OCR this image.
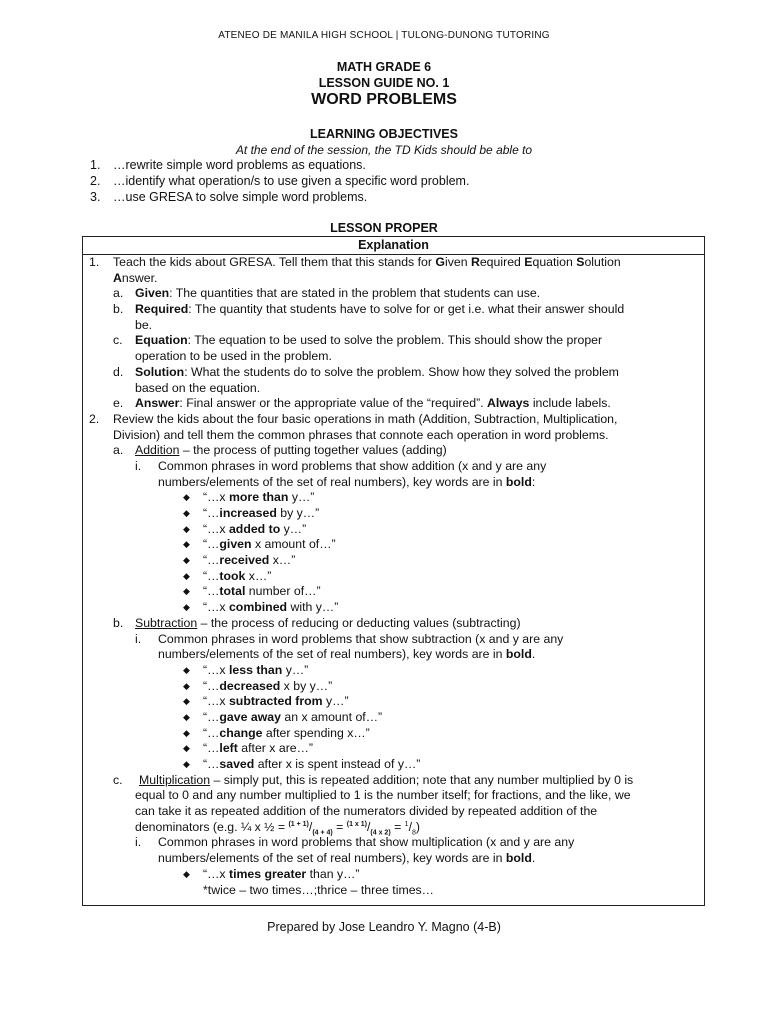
ATENEO DE MANILA HIGH SCHOOL | TULONG-DUNONG TUTORING
MATH GRADE 6
LESSON GUIDE NO. 1
WORD PROBLEMS
LEARNING OBJECTIVES
At the end of the session, the TD Kids should be able to
1. …rewrite simple word problems as equations.
2. …identify what operation/s to use given a specific word problem.
3. …use GRESA to solve simple word problems.
LESSON PROPER
Explanation
1. Teach the kids about GRESA. Tell them that this stands for Given Required Equation Solution
Answer.
a. Given: The quantities that are stated in the problem that students can use.
b. Required: The quantity that students have to solve for or get i.e. what their answer should
be.
c. Equation: The equation to be used to solve the problem. This should show the proper
operation to be used in the problem.
d. Solution: What the students do to solve the problem. Show how they solved the problem
based on the equation.
e. Answer: Final answer or the appropriate value of the “required”. Always include labels.
2. Review the kids about the four basic operations in math (Addition, Subtraction, Multiplication,
Division) and tell them the common phrases that connote each operation in word problems.
a. Addition – the process of putting together values (adding)
i. Common phrases in word problems that show addition (x and y are any
numbers/elements of the set of real numbers), key words are in bold:
◆ “…x more than y…”
◆ “…increased by y…”
◆ “…x added to y…”
◆ “…given x amount of…”
◆ “…received x…”
◆ “…took x…”
◆ “…total number of…”
◆ “…x combined with y…”
b. Subtraction – the process of reducing or deducting values (subtracting)
i. Common phrases in word problems that show subtraction (x and y are any
numbers/elements of the set of real numbers), key words are in bold.
◆ “…x less than y…”
◆ “…decreased x by y…”
◆ “…x subtracted from y…”
◆ “…gave away an x amount of…”
◆ “…change after spending x…”
◆ “…left after x are…”
◆ “…saved after x is spent instead of y…”
c. Multiplication – simply put, this is repeated addition; note that any number multiplied by 0 is
equal to 0 and any number multiplied to 1 is the number itself; for fractions, and the like, we
can take it as repeated addition of the numerators divided by repeated addition of the
denominators (e.g. ¼ x ½ = $^{(1 + 1)}/_{(4 + 4)} = ^{(1 x 1)}/_{(4 x 2)} = ^1/_8$)
i. Common phrases in word problems that show multiplication (x and y are any
numbers/elements of the set of real numbers), key words are in bold.
◆ “…x times greater than y…”
*twice – two times…;thrice – three times…
Prepared by Jose Leandro Y. Magno (4-B)
